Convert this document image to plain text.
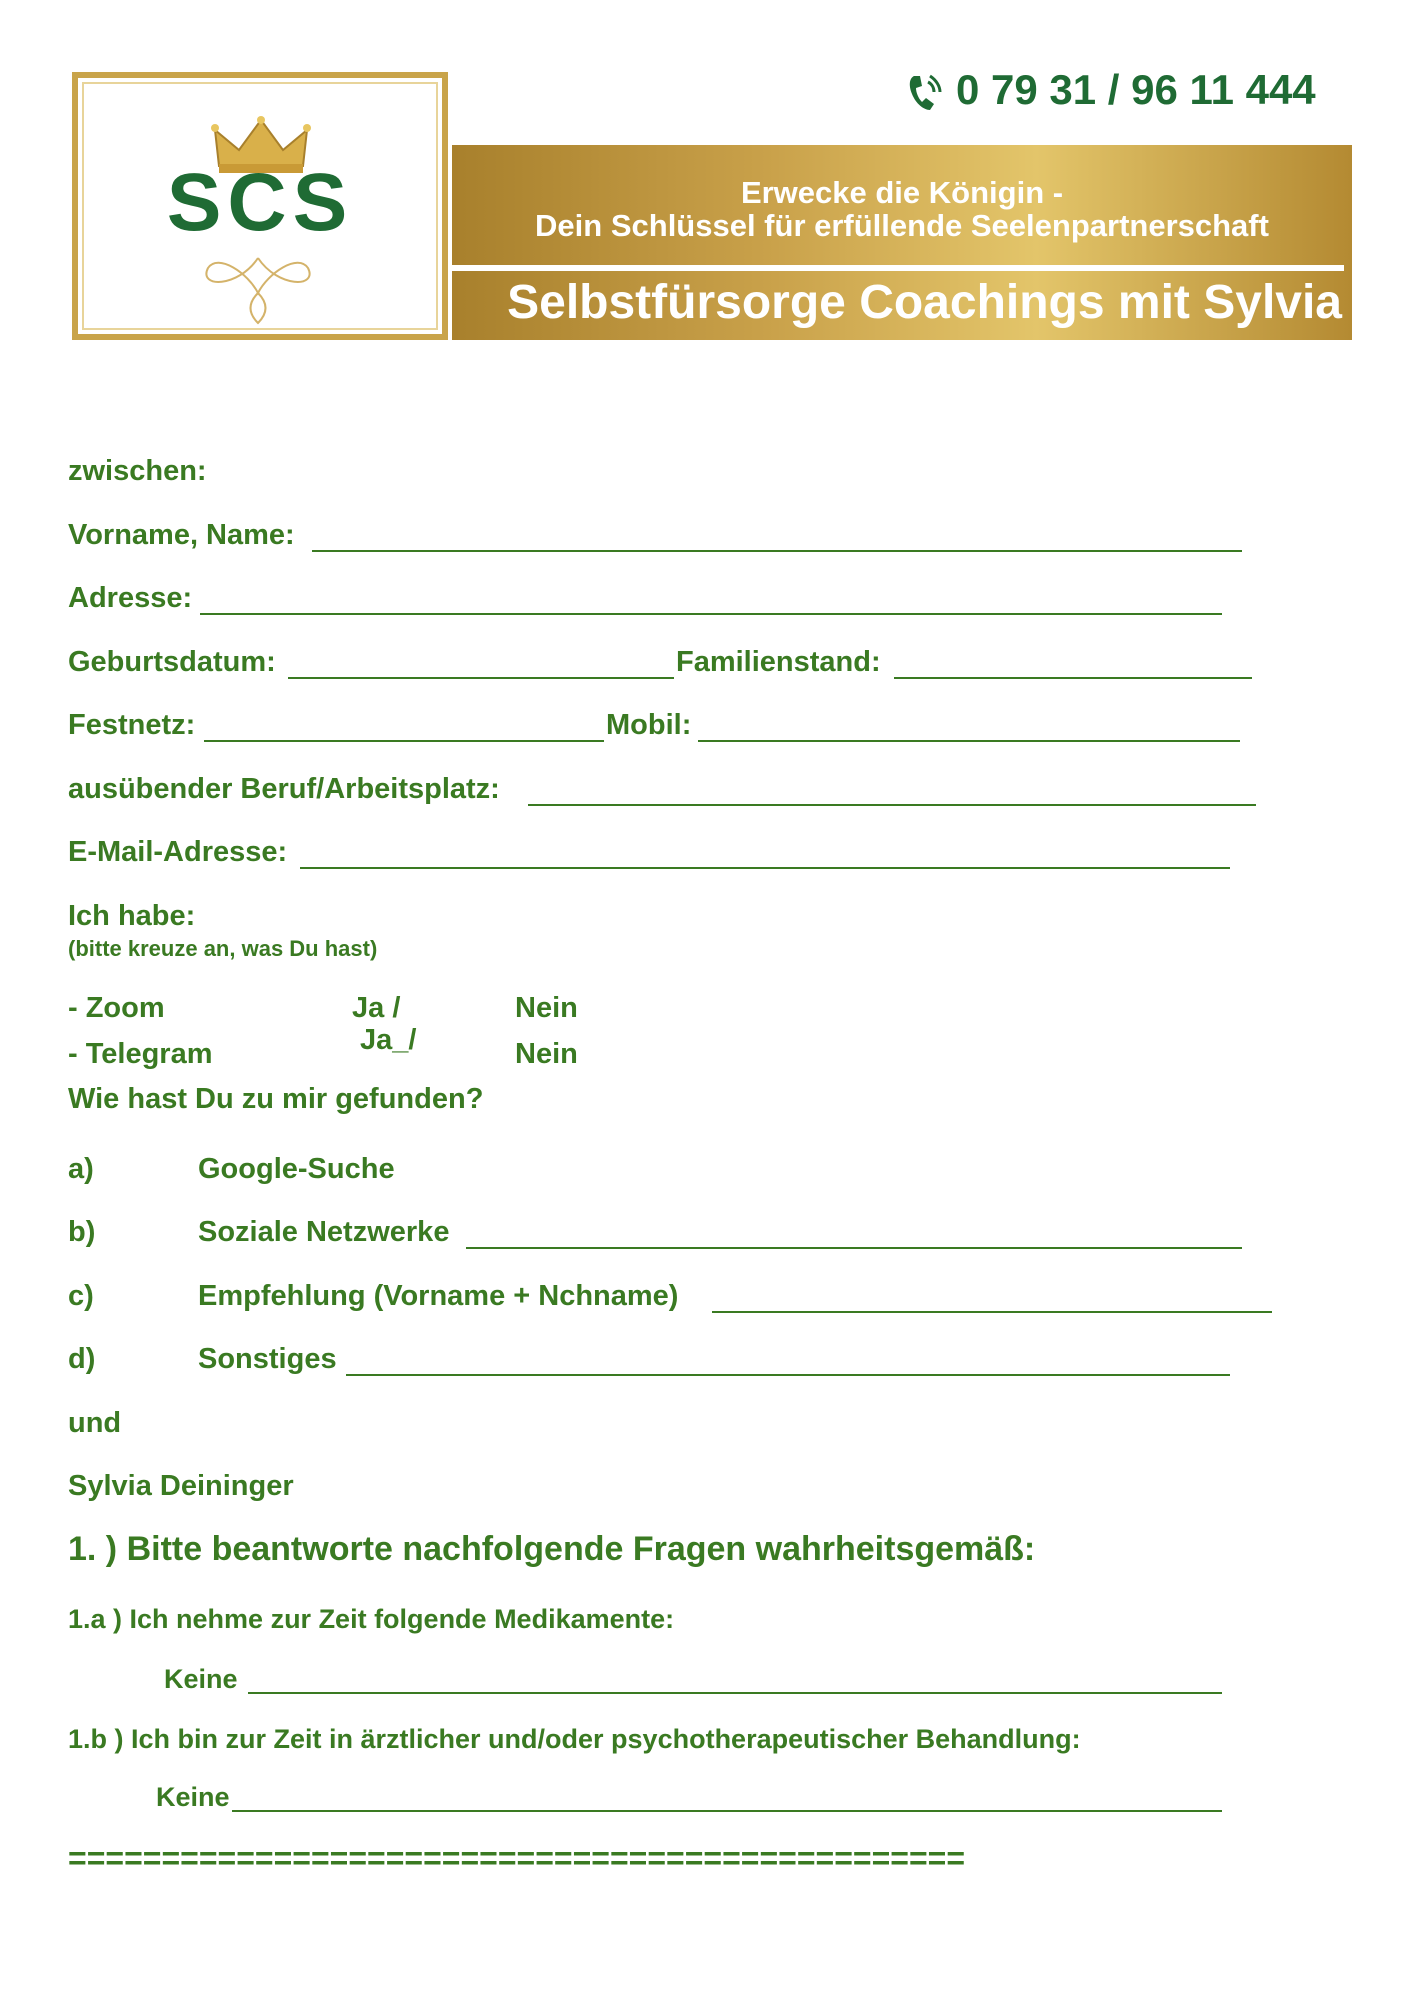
SCS
0 79 31 / 96 11 444
Erwecke die Königin -
Dein Schlüssel für erfüllende Seelenpartnerschaft
Selbstfürsorge Coachings mit Sylvia
zwischen:
Vorname, Name:
Adresse:
Geburtsdatum:	Familienstand:
Festnetz:	Mobil:
ausübender Beruf/Arbeitsplatz:
E-Mail-Adresse:
Ich habe:
(bitte kreuze an, was Du hast)
- Zoom	Ja /	Nein
- Telegram	Ja_/	Nein
Wie hast Du zu mir gefunden?
a)	Google-Suche
b)	Soziale Netzwerke
c)	Empfehlung (Vorname + Nchname)
d)	Sonstiges
und
Sylvia Deininger
1. ) Bitte beantworte nachfolgende Fragen wahrheitsgemäß:
1.a ) Ich nehme zur Zeit folgende Medikamente:
Keine
1.b ) Ich bin zur Zeit in ärztlicher und/oder psychotherapeutischer Behandlung:
Keine
================================================
